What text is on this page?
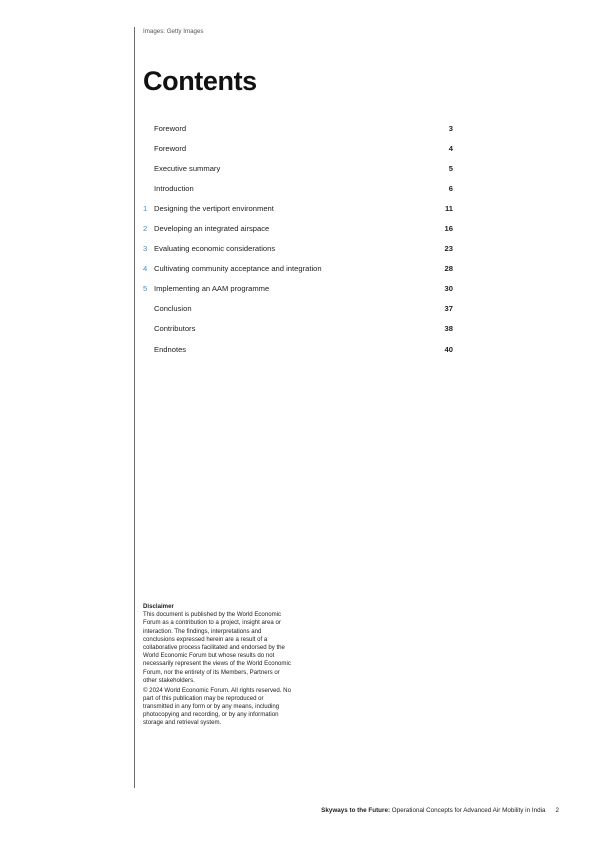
Images: Getty Images
Contents
Foreword	3
Foreword	4
Executive summary	5
Introduction	6
1 Designing the vertiport environment	11
2 Developing an integrated airspace	16
3 Evaluating economic considerations	23
4 Cultivating community acceptance and integration	28
5 Implementing an AAM programme	30
Conclusion	37
Contributors	38
Endnotes	40
Disclaimer

This document is published by the World Economic Forum as a contribution to a project, insight area or interaction. The findings, interpretations and conclusions expressed herein are a result of a collaborative process facilitated and endorsed by the World Economic Forum but whose results do not necessarily represent the views of the World Economic Forum, nor the entirety of its Members, Partners or other stakeholders.

© 2024 World Economic Forum. All rights reserved. No part of this publication may be reproduced or transmitted in any form or by any means, including photocopying and recording, or by any information storage and retrieval system.

Skyways to the Future: Operational Concepts for Advanced Air Mobility in India 2
